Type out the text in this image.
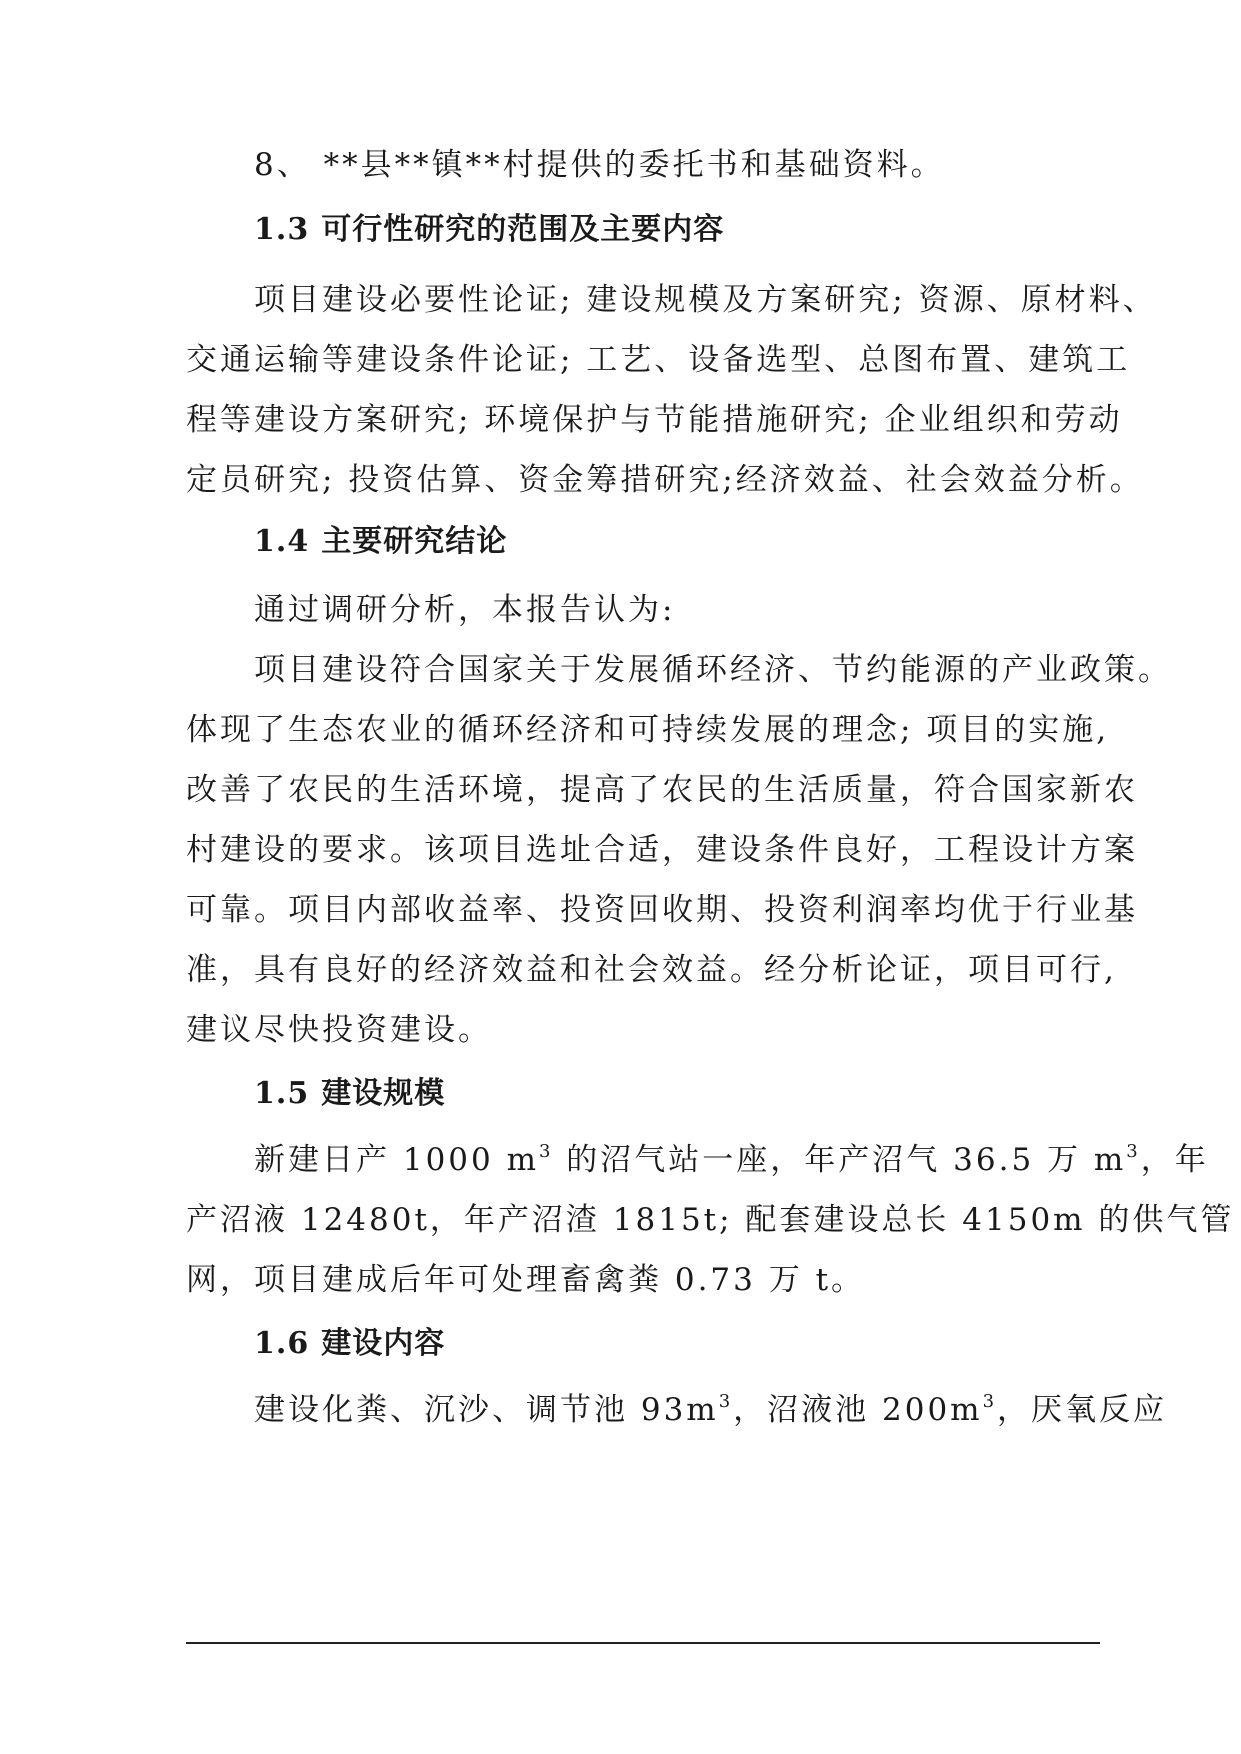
8、 **县**镇**村提供的委托书和基础资料。
1.3 可行性研究的范围及主要内容
项目建设必要性论证; 建设规模及方案研究; 资源、原材料、
交通运输等建设条件论证; 工艺、设备选型、总图布置、建筑工
程等建设方案研究; 环境保护与节能措施研究; 企业组织和劳动
定员研究; 投资估算、资金筹措研究;经济效益、社会效益分析。
1.4 主要研究结论
通过调研分析，本报告认为:
项目建设符合国家关于发展循环经济、节约能源的产业政策。
体现了生态农业的循环经济和可持续发展的理念; 项目的实施,
改善了农民的生活环境，提高了农民的生活质量，符合国家新农
村建设的要求。该项目选址合适，建设条件良好，工程设计方案
可靠。项目内部收益率、投资回收期、投资利润率均优于行业基
准，具有良好的经济效益和社会效益。经分析论证，项目可行,
建议尽快投资建设。
1.5 建设规模
新建日产 1000 $m^3$ 的沼气站一座，年产沼气 36.5 万 $m^3$，年
产沼液 12480t，年产沼渣 1815t; 配套建设总长 4150m 的供气管
网，项目建成后年可处理畜禽粪 0.73 万 t。
1.6 建设内容
建设化粪、沉沙、调节池 $93m^3$，沼液池 $200m^3$，厌氧反应
